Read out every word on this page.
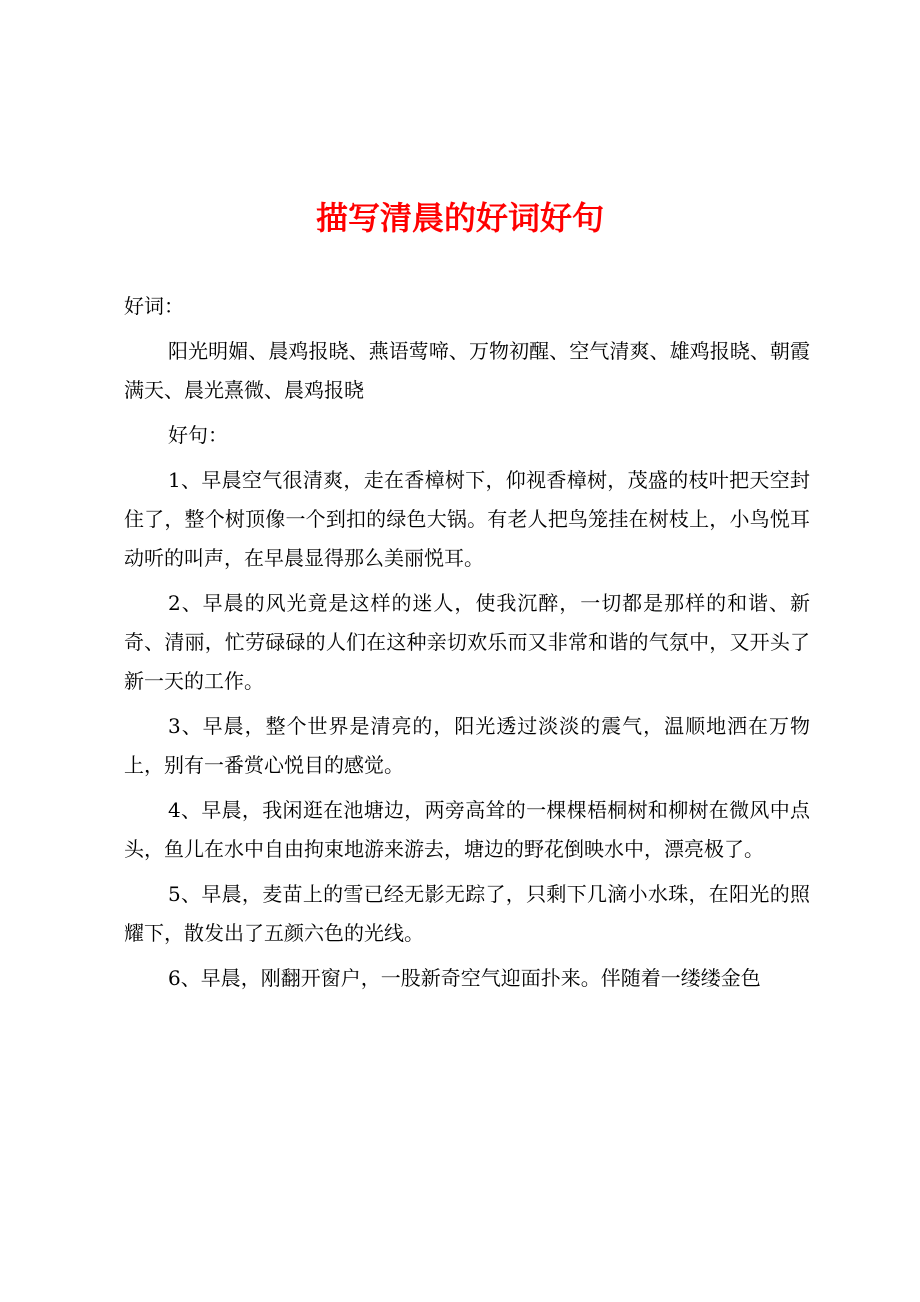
描写清晨的好词好句

好词：

阳光明媚、晨鸡报晓、燕语莺啼、万物初醒、空气清爽、雄鸡报晓、朝霞满天、晨光熹微、晨鸡报晓

好句：

1、早晨空气很清爽，走在香樟树下，仰视香樟树，茂盛的枝叶把天空封住了，整个树顶像一个到扣的绿色大锅。有老人把鸟笼挂在树枝上，小鸟悦耳动听的叫声，在早晨显得那么美丽悦耳。

2、早晨的风光竟是这样的迷人，使我沉醉，一切都是那样的和谐、新奇、清丽，忙劳碌碌的人们在这种亲切欢乐而又非常和谐的气氛中，又开头了新一天的工作。

3、早晨，整个世界是清亮的，阳光透过淡淡的震气，温顺地洒在万物上，别有一番赏心悦目的感觉。

4、早晨，我闲逛在池塘边，两旁高耸的一棵棵梧桐树和柳树在微风中点头，鱼儿在水中自由拘束地游来游去，塘边的野花倒映水中，漂亮极了。

5、早晨，麦苗上的雪已经无影无踪了，只剩下几滴小水珠，在阳光的照耀下，散发出了五颜六色的光线。

6、早晨，刚翻开窗户，一股新奇空气迎面扑来。伴随着一缕缕金色
